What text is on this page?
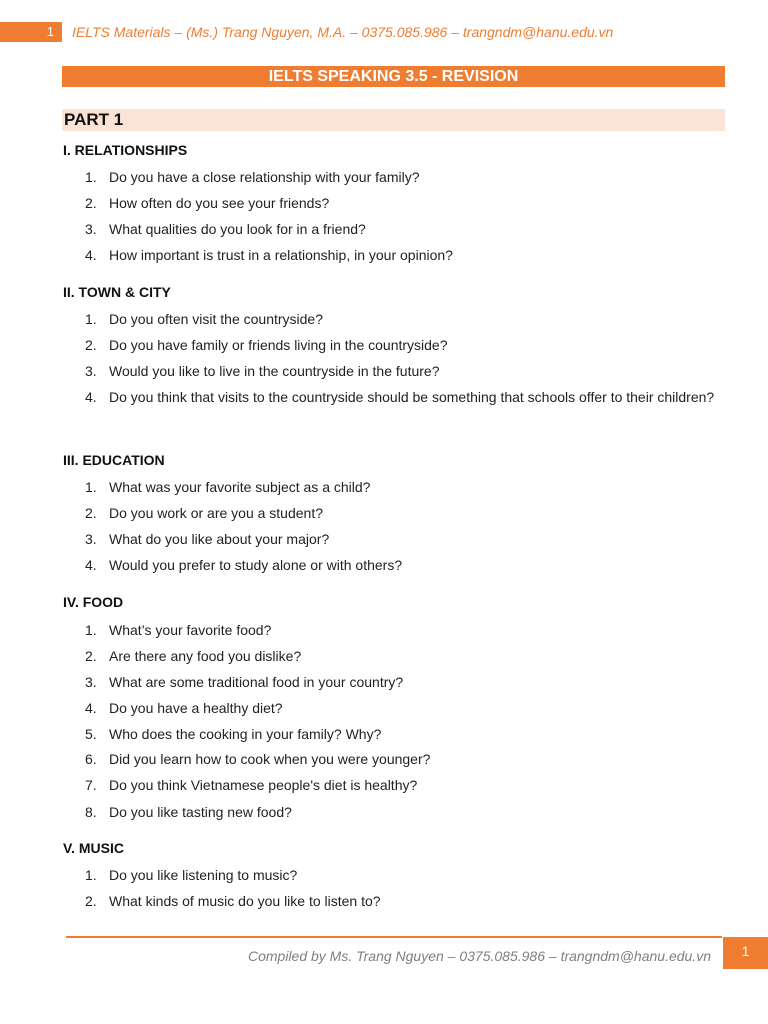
1	IELTS Materials – (Ms.) Trang Nguyen, M.A. – 0375.085.986 – trangndm@hanu.edu.vn
IELTS SPEAKING 3.5 - REVISION
PART 1
I. RELATIONSHIPS
1. Do you have a close relationship with your family?
2. How often do you see your friends?
3. What qualities do you look for in a friend?
4. How important is trust in a relationship, in your opinion?
II. TOWN & CITY
1. Do you often visit the countryside?
2. Do you have family or friends living in the countryside?
3. Would you like to live in the countryside in the future?
4. Do you think that visits to the countryside should be something that schools offer to their children?
III. EDUCATION
1. What was your favorite subject as a child?
2. Do you work or are you a student?
3. What do you like about your major?
4. Would you prefer to study alone or with others?
IV. FOOD
1. What’s your favorite food?
2. Are there any food you dislike?
3. What are some traditional food in your country?
4. Do you have a healthy diet?
5. Who does the cooking in your family? Why?
6. Did you learn how to cook when you were younger?
7. Do you think Vietnamese people's diet is healthy?
8. Do you like tasting new food?
V. MUSIC
1. Do you like listening to music?
2. What kinds of music do you like to listen to?
Compiled by Ms. Trang Nguyen – 0375.085.986 – trangndm@hanu.edu.vn	1
